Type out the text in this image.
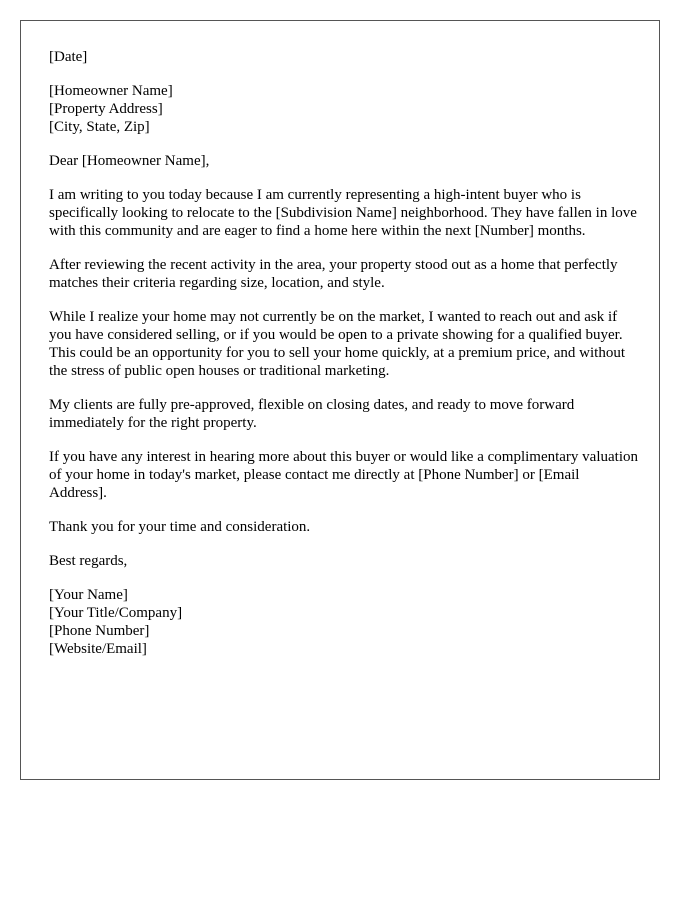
[Date]

[Homeowner Name]
[Property Address]
[City, State, Zip]

Dear [Homeowner Name],

I am writing to you today because I am currently representing a high-intent buyer who is specifically looking to relocate to the [Subdivision Name] neighborhood. They have fallen in love with this community and are eager to find a home here within the next [Number] months.

After reviewing the recent activity in the area, your property stood out as a home that perfectly matches their criteria regarding size, location, and style.

While I realize your home may not currently be on the market, I wanted to reach out and ask if you have considered selling, or if you would be open to a private showing for a qualified buyer. This could be an opportunity for you to sell your home quickly, at a premium price, and without the stress of public open houses or traditional marketing.

My clients are fully pre-approved, flexible on closing dates, and ready to move forward immediately for the right property.

If you have any interest in hearing more about this buyer or would like a complimentary valuation of your home in today's market, please contact me directly at [Phone Number] or [Email Address].

Thank you for your time and consideration.

Best regards,

[Your Name]
[Your Title/Company]
[Phone Number]
[Website/Email]
